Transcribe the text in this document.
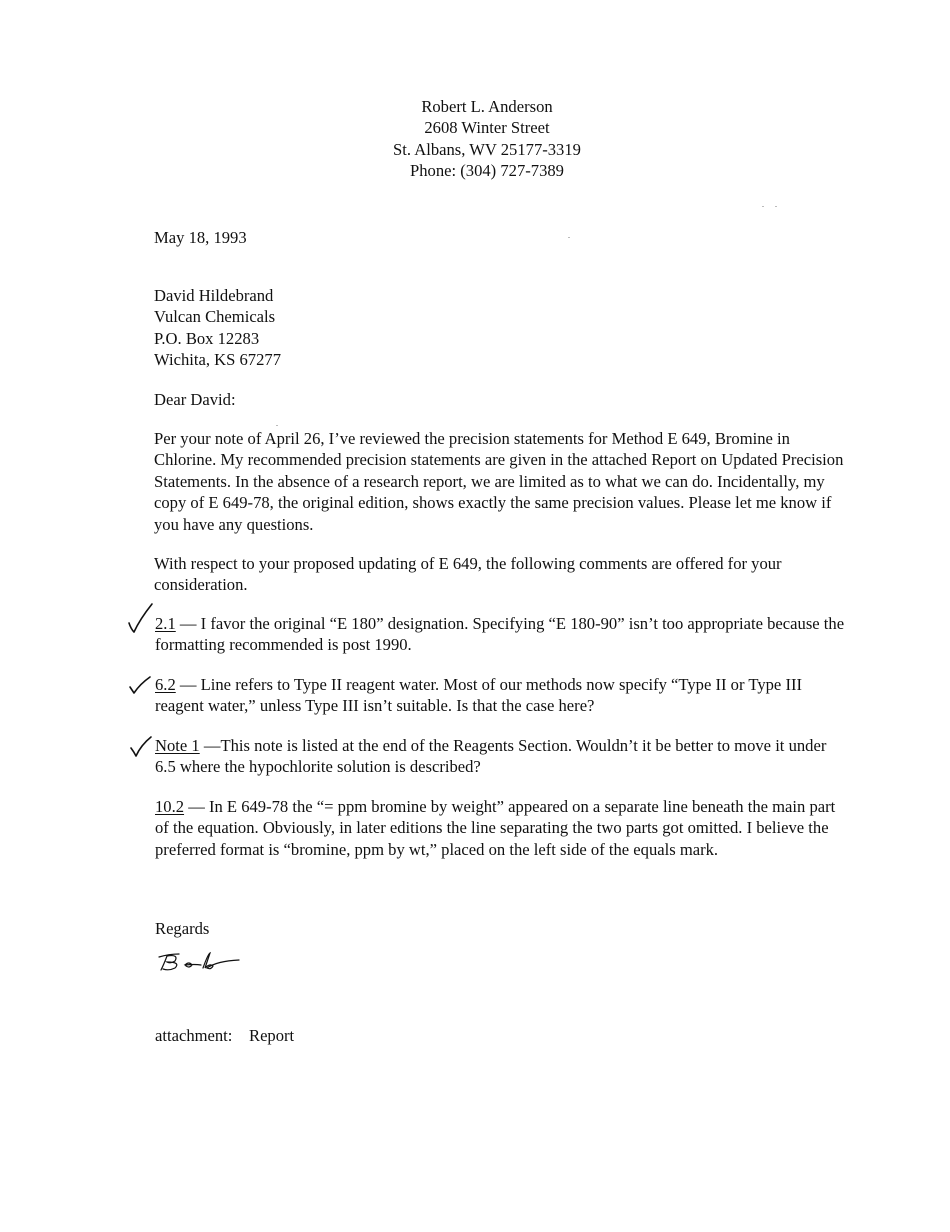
Robert L. Anderson
2608 Winter Street
St. Albans, WV 25177-3319
Phone: (304) 727-7389
May 18, 1993
David Hildebrand
Vulcan Chemicals
P.O. Box 12283
Wichita, KS 67277
Dear David:
Per your note of April 26, I’ve reviewed the precision statements for Method E 649, Bromine in Chlorine. My recommended precision statements are given in the attached Report on Updated Precision Statements. In the absence of a research report, we are limited as to what we can do. Incidentally, my copy of E 649-78, the original edition, shows exactly the same precision values. Please let me know if you have any questions.
With respect to your proposed updating of E 649, the following comments are offered for your consideration.
2.1 — I favor the original “E 180” designation. Specifying “E 180-90” isn’t too appropriate because the formatting recommended is post 1990.
6.2 — Line refers to Type II reagent water. Most of our methods now specify “Type II or Type III reagent water,” unless Type III isn’t suitable. Is that the case here?
Note 1 —This note is listed at the end of the Reagents Section. Wouldn’t it be better to move it under 6.5 where the hypochlorite solution is described?
10.2 — In E 649-78 the “= ppm bromine by weight” appeared on a separate line beneath the main part of the equation. Obviously, in later editions the line separating the two parts got omitted. I believe the preferred format is “bromine, ppm by wt,” placed on the left side of the equals mark.
Regards
attachment: Report
